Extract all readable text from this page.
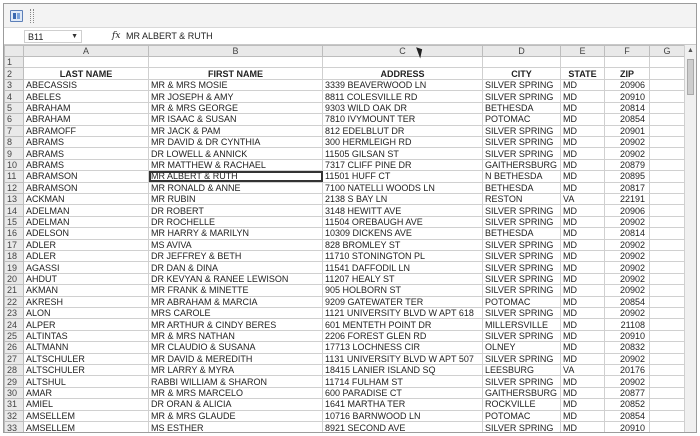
B11	▼	fx MR ALBERT & RUTH
	A	B	C	D	E	F	G
1							
2	LAST NAME	FIRST NAME	ADDRESS	CITY	STATE	ZIP	
3	ABECASSIS	MR & MRS MOSIE	3339 BEAVERWOOD LN	SILVER SPRING	MD	20906	
4	ABELES	MR JOSEPH & AMY	8811 COLESVILLE RD	SILVER SPRING	MD	20910	
5	ABRAHAM	MR & MRS GEORGE	9303 WILD OAK DR	BETHESDA	MD	20814	
6	ABRAHAM	MR ISAAC & SUSAN	7810 IVYMOUNT TER	POTOMAC	MD	20854	
7	ABRAMOFF	MR JACK & PAM	812 EDELBLUT DR	SILVER SPRING	MD	20901	
8	ABRAMS	MR DAVID & DR CYNTHIA	300 HERMLEIGH RD	SILVER SPRING	MD	20902	
9	ABRAMS	DR LOWELL & ANNICK	11505 GILSAN ST	SILVER SPRING	MD	20902	
10	ABRAMS	MR MATTHEW & RACHAEL	7317 CLIFF PINE DR	GAITHERSBURG	MD	20879	
11	ABRAMSON	MR ALBERT & RUTH	11501 HUFF CT	N BETHESDA	MD	20895	
12	ABRAMSON	MR RONALD & ANNE	7100 NATELLI WOODS LN	BETHESDA	MD	20817	
13	ACKMAN	MR RUBIN	2138 S BAY LN	RESTON	VA	22191	
14	ADELMAN	DR ROBERT	3148 HEWITT AVE	SILVER SPRING	MD	20906	
15	ADELMAN	DR ROCHELLE	11504 OREBAUGH AVE	SILVER SPRING	MD	20902	
16	ADELSON	MR HARRY & MARILYN	10309 DICKENS AVE	BETHESDA	MD	20814	
17	ADLER	MS AVIVA	828 BROMLEY ST	SILVER SPRING	MD	20902	
18	ADLER	DR JEFFREY & BETH	11710 STONINGTON PL	SILVER SPRING	MD	20902	
19	AGASSI	DR DAN & DINA	11541 DAFFODIL LN	SILVER SPRING	MD	20902	
20	AHDUT	DR KEVYAN & RANEE LEWISON	11207 HEALY ST	SILVER SPRING	MD	20902	
21	AKMAN	MR FRANK & MINETTE	905 HOLBORN ST	SILVER SPRING	MD	20902	
22	AKRESH	MR ABRAHAM & MARCIA	9209 GATEWATER TER	POTOMAC	MD	20854	
23	ALON	MRS CAROLE	1121 UNIVERSITY BLVD W APT 618	SILVER SPRING	MD	20902	
24	ALPER	MR ARTHUR & CINDY BERES	601 MENTETH POINT DR	MILLERSVILLE	MD	21108	
25	ALTINTAS	MR & MRS NATHAN	2206 FOREST GLEN RD	SILVER SPRING	MD	20910	
26	ALTMANN	MR CLAUDIO & SUSANA	17713 LOCHNESS CIR	OLNEY	MD	20832	
27	ALTSCHULER	MR DAVID & MEREDITH	1131 UNIVERSITY BLVD W APT 507	SILVER SPRING	MD	20902	
28	ALTSCHULER	MR LARRY & MYRA	18415 LANIER ISLAND SQ	LEESBURG	VA	20176	
29	ALTSHUL	RABBI WILLIAM & SHARON	11714 FULHAM ST	SILVER SPRING	MD	20902	
30	AMAR	MR & MRS MARCELO	600 PARADISE CT	GAITHERSBURG	MD	20877	
31	AMIEL	DR ORAN & ALICIA	1641 MARTHA TER	ROCKVILLE	MD	20852	
32	AMSELLEM	MR & MRS GLAUDE	10716 BARNWOOD LN	POTOMAC	MD	20854	
33	AMSELLEM	MS ESTHER	8921 SECOND AVE	SILVER SPRING	MD	20910	
▲
